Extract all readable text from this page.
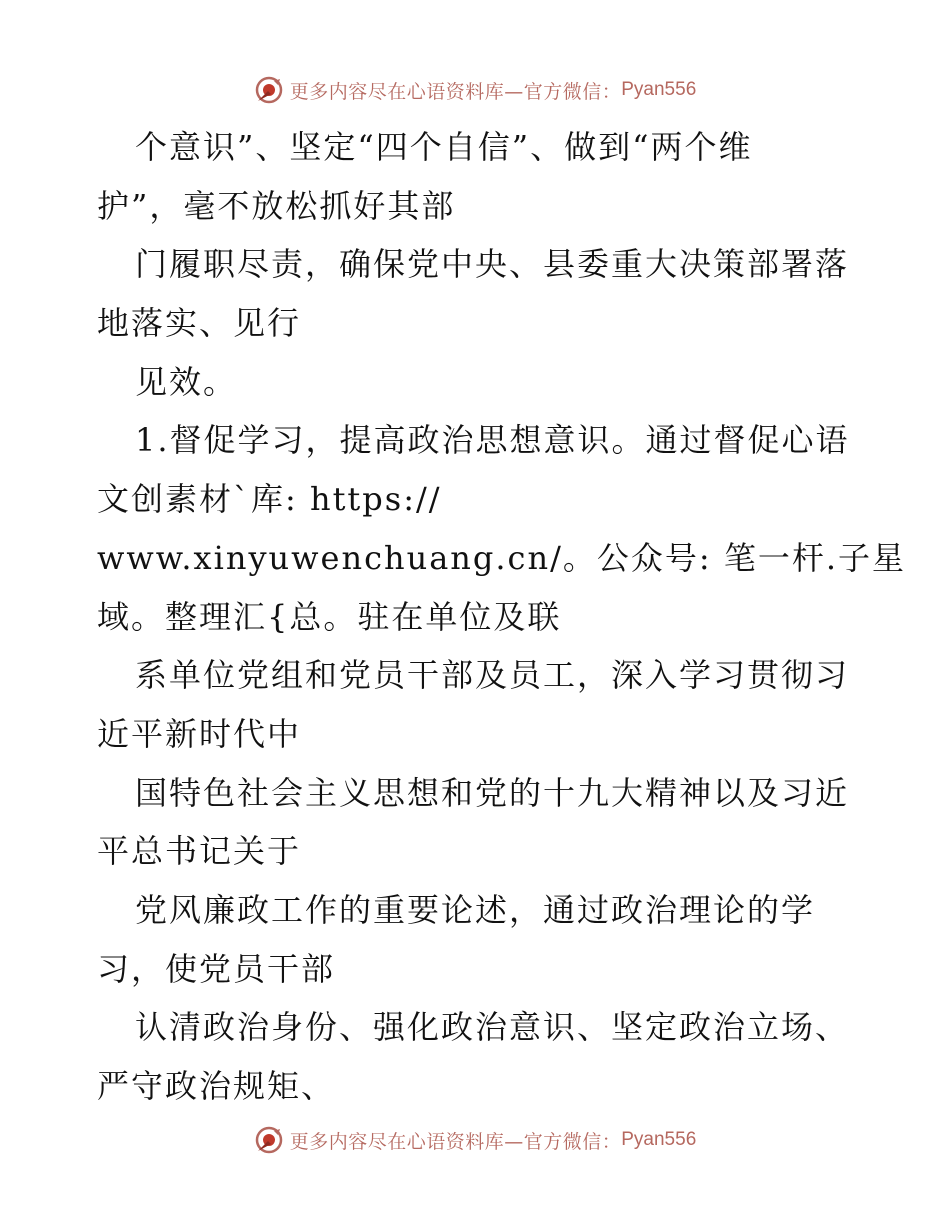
更多内容尽在心语资料库—官方微信： Pyan556
个意识”、坚定“四个自信”、做到“两个维
护”，毫不放松抓好其部
门履职尽责，确保党中央、县委重大决策部署落
地落实、见行
见效。
1.督促学习，提高政治思想意识。通过督促心语
文创素材`库: https://
www.xinyuwenchuang.cn/。公众号: 笔一杆.子星
域。整理汇{总。驻在单位及联
系单位党组和党员干部及员工，深入学习贯彻习
近平新时代中
国特色社会主义思想和党的十九大精神以及习近
平总书记关于
党风廉政工作的重要论述，通过政治理论的学
习，使党员干部
认清政治身份、强化政治意识、坚定政治立场、
严守政治规矩、
更多内容尽在心语资料库—官方微信： Pyan556
